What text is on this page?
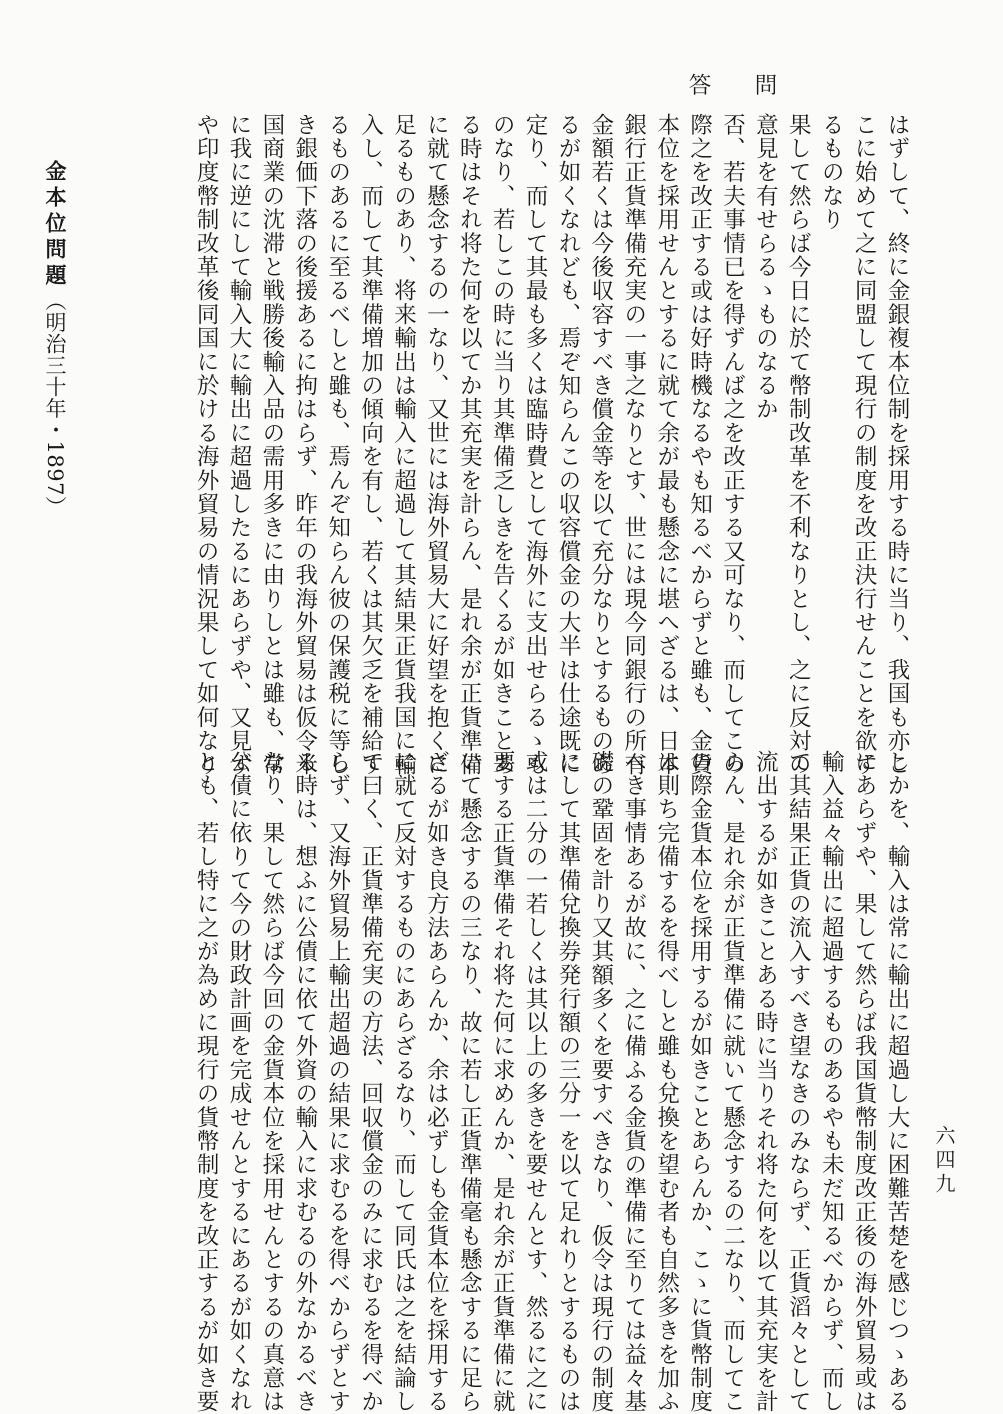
金本位問題（明治三十年・1897）
問
答
はずして、終に金銀複本位制を採用する時に当り、我国も亦こ
こに始めて之に同盟して現行の制度を改正決行せんことを欲す
るものなり
果して然らば今日に於て幣制改革を不利なりとし、之に反対の
意見を有せらるゝものなるか
否、若夫事情已を得ずんば之を改正する又可なり、而してこの
際之を改正する或は好時機なるやも知るべからずと雖も、金貨
本位を採用せんとするに就て余が最も懸念に堪へざるは、日本
銀行正貨準備充実の一事之なりとす、世には現今同銀行の所有
金額若くは今後収容すべき償金等を以て充分なりとするものあ
るが如くなれども、焉ぞ知らんこの収容償金の大半は仕途既に
定り、而して其最も多くは臨時費として海外に支出せらるゝも
のなり、若しこの時に当り其準備乏しきを告くるが如きことあ
る時はそれ将た何を以てか其充実を計らん、是れ余が正貨準備
に就て懸念するの一なり、又世には海外貿易大に好望を抱くに
足るものあり、将来輸出は輸入に超過して其結果正貨我国に輸
入し、而して其準備増加の傾向を有し、若くは其欠乏を補給す
るものあるに至るべしと雖も、焉んぞ知らん彼の保護税に等し
き銀価下落の後援あるに拘はらず、昨年の我海外貿易は仮令米
国商業の沈滞と戦勝後輸入品の需用多きに由りしとは雖も、常
に我に逆にして輸入大に輸出に超過したるにあらずや、又見ず
や印度幣制改革後同国に於ける海外貿易の情況果して如何なり
しかを、輸入は常に輸出に超過し大に困難苦楚を感じつゝある
にあらずや、果して然らば我国貨幣制度改正後の海外貿易或は
輸入益々輸出に超過するものあるやも未だ知るべからず、而し
て其結果正貨の流入すべき望なきのみならず、正貨滔々として
流出するが如きことある時に当りそれ将た何を以て其充実を計
らん、是れ余が正貨準備に就いて懸念するの二なり、而してこ
の際金貨本位を採用するが如きことあらんか、こゝに貨幣制度
は則ち完備するを得べしと雖も兌換を望む者も自然多きを加ふ
べき事情あるが故に、之に備ふる金貨の準備に至りては益々基
礎の鞏固を計り又其額多くを要すべきなり、仮令は現行の制度
にして其準備兌換券発行額の三分一を以て足れりとするものは
或は二分の一若しくは其以上の多きを要せんとす、然るに之に
要する正貨準備それ将た何に求めんか、是れ余が正貨準備に就
いて懸念するの三なり、故に若し正貨準備毫も懸念するに足ら
ざるが如き良方法あらんか、余は必ずしも金貨本位を採用する
に就て反対するものにあらざるなり、而して同氏は之を結論し
て曰く、正貨準備充実の方法、回収償金のみに求むるを得べか
らず、又海外貿易上輸出超過の結果に求むるを得べからずとす
る時は、想ふに公債に依て外資の輸入に求むるの外なかるべき
なり、果して然らば今回の金貨本位を採用せんとするの真意は
公債に依りて今の財政計画を完成せんとするにあるが如くなれ
とも、若し特に之が為めに現行の貨幣制度を改正するが如き要	六四九
